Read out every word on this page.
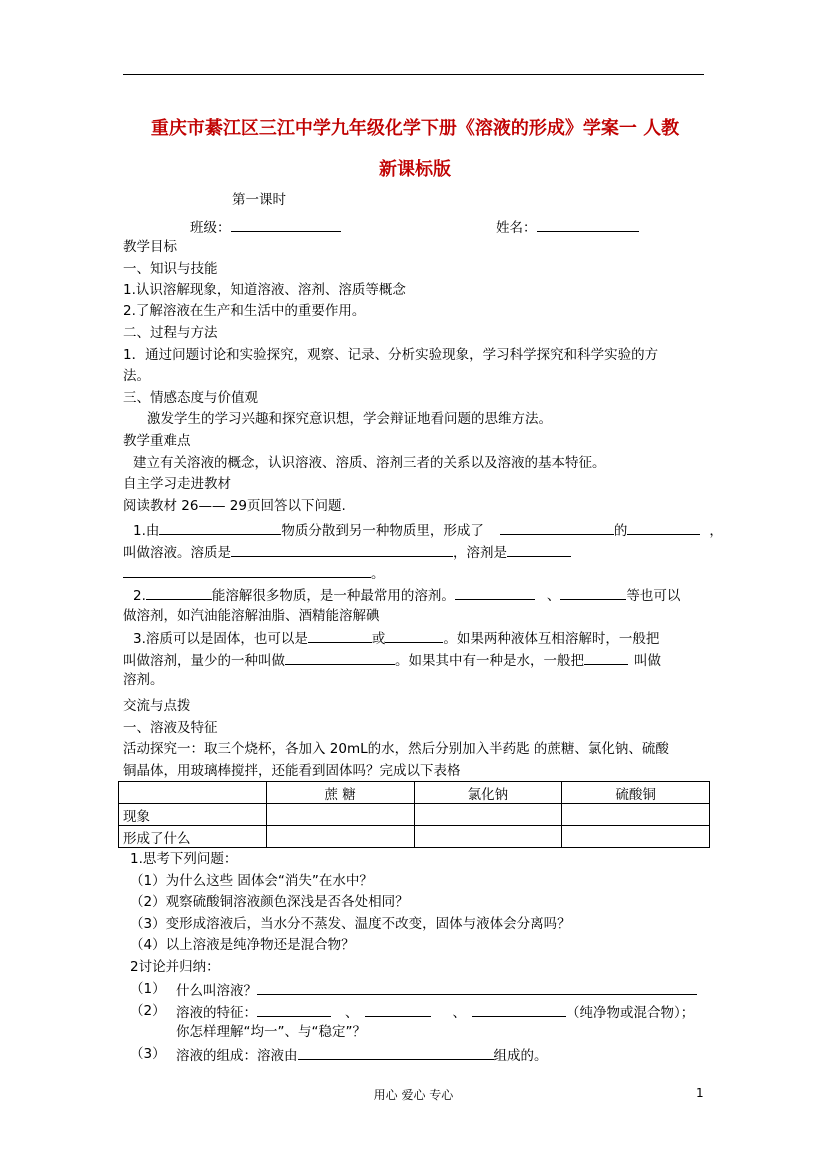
重庆市綦江区三江中学九年级化学下册《溶液的形成》学案一 人教
新课标版
第一课时
班级：	姓名：
教学目标
一、知识与技能
1.认识溶解现象，知道溶液、溶剂、溶质等概念
2.了解溶液在生产和生活中的重要作用。
二、过程与方法
1．通过问题讨论和实验探究，观察、记录、分析实验现象，学习科学探究和科学实验的方
法。
三、情感态度与价值观
激发学生的学习兴趣和探究意识想，学会辩证地看问题的思维方法。
教学重难点
建立有关溶液的概念，认识溶液、溶质、溶剂三者的关系以及溶液的基本特征。
自主学习走进教材
阅读教材 26—— 29页回答以下问题.
1.由	物质分散到另一种物质里，形成了	的	，
叫做溶液。溶质是	，溶剂是
。
2.	能溶解很多物质，是一种最常用的溶剂。	、	等也可以
做溶剂，如汽油能溶解油脂、酒精能溶解碘
3.溶质可以是固体，也可以是	或	。如果两种液体互相溶解时，一般把
叫做溶剂，量少的一种叫做	。如果其中有一种是水，一般把	叫做
溶剂。
交流与点拨
一、溶液及特征
活动探究一：取三个烧杯，各加入 20mL的水，然后分别加入半药匙 的蔗糖、氯化钠、硫酸
铜晶体，用玻璃棒搅拌，还能看到固体吗？完成以下表格
	蔗 糖	氯化钠	硫酸铜
现象			
形成了什么			
1.思考下列问题：
（1）为什么这些 固体会“消失”在水中？
（2）观察硫酸铜溶液颜色深浅是否各处相同？
（3）变形成溶液后，当水分不蒸发、温度不改变，固体与液体会分离吗？
（4）以上溶液是纯净物还是混合物？
2讨论并归纳：
（1） 什么叫溶液？
（2） 溶液的特征：	、	、	（纯净物或混合物）；
你怎样理解“均一”、与“稳定”？
（3） 溶液的组成：溶液由	组成的。
用心 爱心 专心	1
